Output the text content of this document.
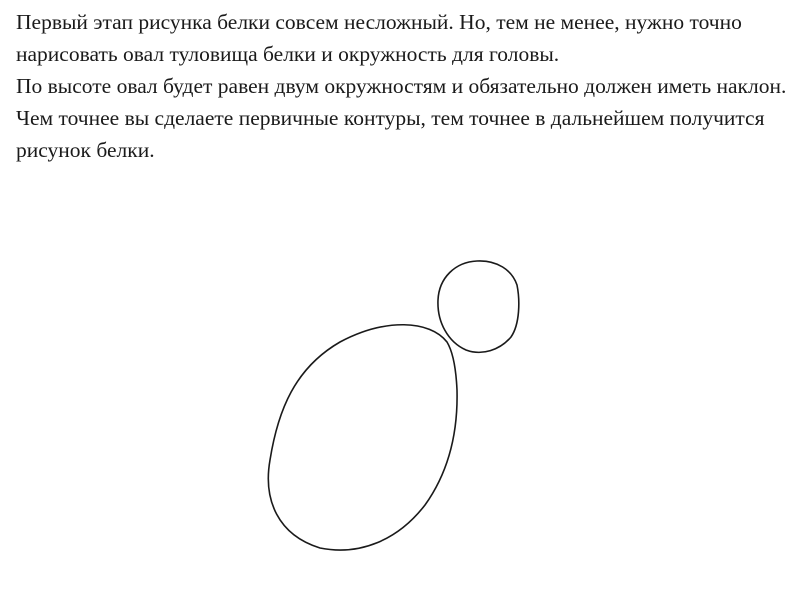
Первый этап рисунка белки совсем несложный. Но, тем не менее, нужно точно нарисовать овал туловища белки и окружность для головы.

По высоте овал будет равен двум окружностям и обязательно должен иметь наклон. Чем точнее вы сделаете первичные контуры, тем точнее в дальнейшем получится рисунок белки.
